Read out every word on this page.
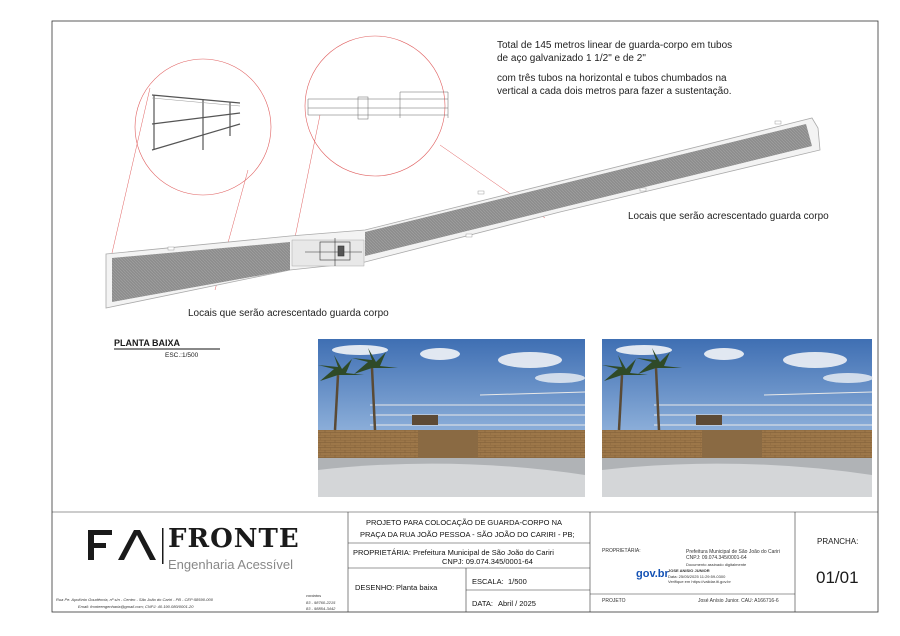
Total de 145 metros linear de guarda-corpo em tubos
de aço galvanizado 1 1/2" e de 2"
com três tubos na horizontal e tubos chumbados na
vertical a cada dois metros para fazer a sustentação.
Locais que serão acrescentado guarda corpo
Locais que serão acrescentado guarda corpo
PLANTA BAIXA
ESC.:1/500
FRONTE
Engenharia Acessível
Rua Pe. Apolônio Goudência, nº s/n - Centro - São João do Cariri - PB - CEP:58590-000
Email: fronteengenharia@gmail.com; CNPJ: 40.190.080/0001-20
contatos
83 - 98760-2215
83 - 98854-3442
PROJETO PARA COLOCAÇÃO DE GUARDA-CORPO NA
PRAÇA DA RUA JOÃO PESSOA - SÃO JOÃO DO CARIRI - PB;
PROPRIETÁRIA: Prefeitura Municipal de São João do Cariri
CNPJ: 09.074.345/0001-64
DESENHO: Planta baixa
ESCALA: 1/500
DATA: Abril / 2025
PROPRIETÁRIA:	Prefeitura Municipal de São João do Cariri
CNPJ: 09.074.345/0001-64
Documento assinado digitalmente
gov.br JOSE ANISIO JUNIOR
Data: 25/05/2025 11:29:59-0300
Verifique em https://validar.iti.gov.br
PROJETO	José Anísio Junior. CAU: A166716-6
PRANCHA:
01/01
